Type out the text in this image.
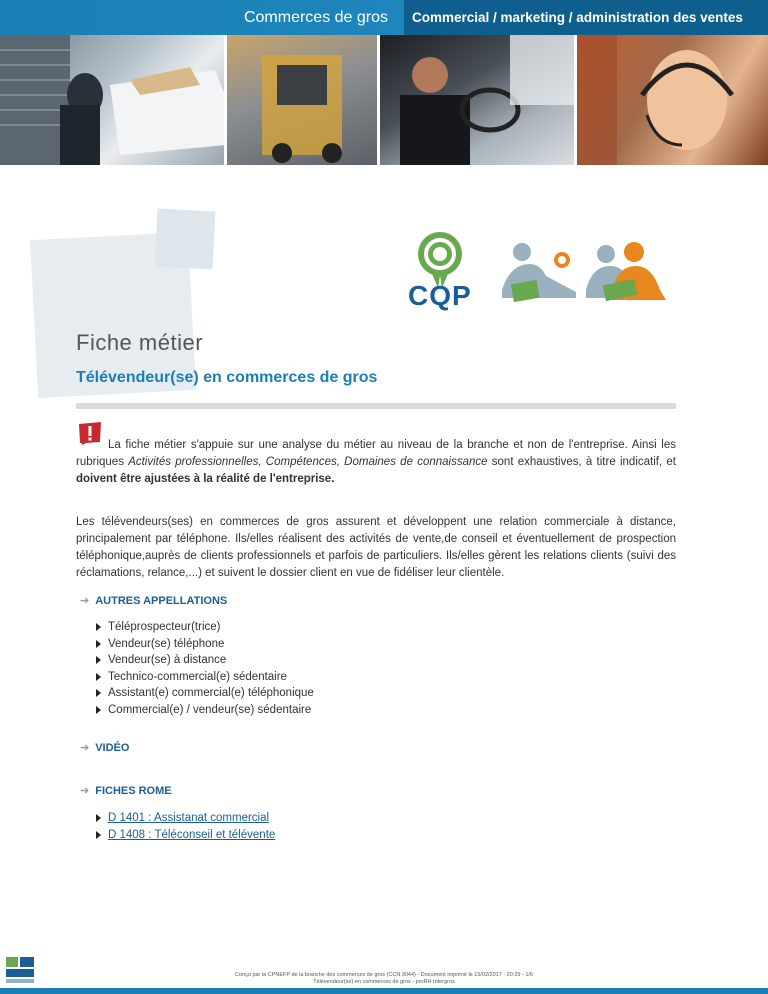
Commerces de gros	Commercial / marketing / administration des ventes
CQP
Fiche métier
Télévendeur(se) en commerces de gros
La fiche métier s'appuie sur une analyse du métier au niveau de la branche et non de l'entreprise. Ainsi les rubriques Activités professionnelles, Compétences, Domaines de connaissance sont exhaustives, à titre indicatif, et doivent être ajustées à la réalité de l'entreprise.
Les télévendeurs(ses) en commerces de gros assurent et développent une relation commerciale à distance, principalement par téléphone. Ils/elles réalisent des activités de vente,de conseil et éventuellement de prospection téléphonique,auprès de clients professionnels et parfois de particuliers. Ils/elles gèrent les relations clients (suivi des réclamations, relance,...) et suivent le dossier client en vue de fidéliser leur clientèle.
➔ AUTRES APPELLATIONS
Téléprospecteur(trice)
Vendeur(se) téléphone
Vendeur(se) à distance
Technico-commercial(e) sédentaire
Assistant(e) commercial(e) téléphonique
Commercial(e) / vendeur(se) sédentaire
➔ VIDÉO
➔ FICHES ROME
D 1401 : Assistanat commercial
D 1408 : Téléconseil et télévente
Conçu par la CPNEFP de la branche des commerces de gros (CCN 3044) - Document imprimé le 15/02/2017 - 20:29 - 1/6
Télévendeur(se) en commerces de gros - proRH Intergros
